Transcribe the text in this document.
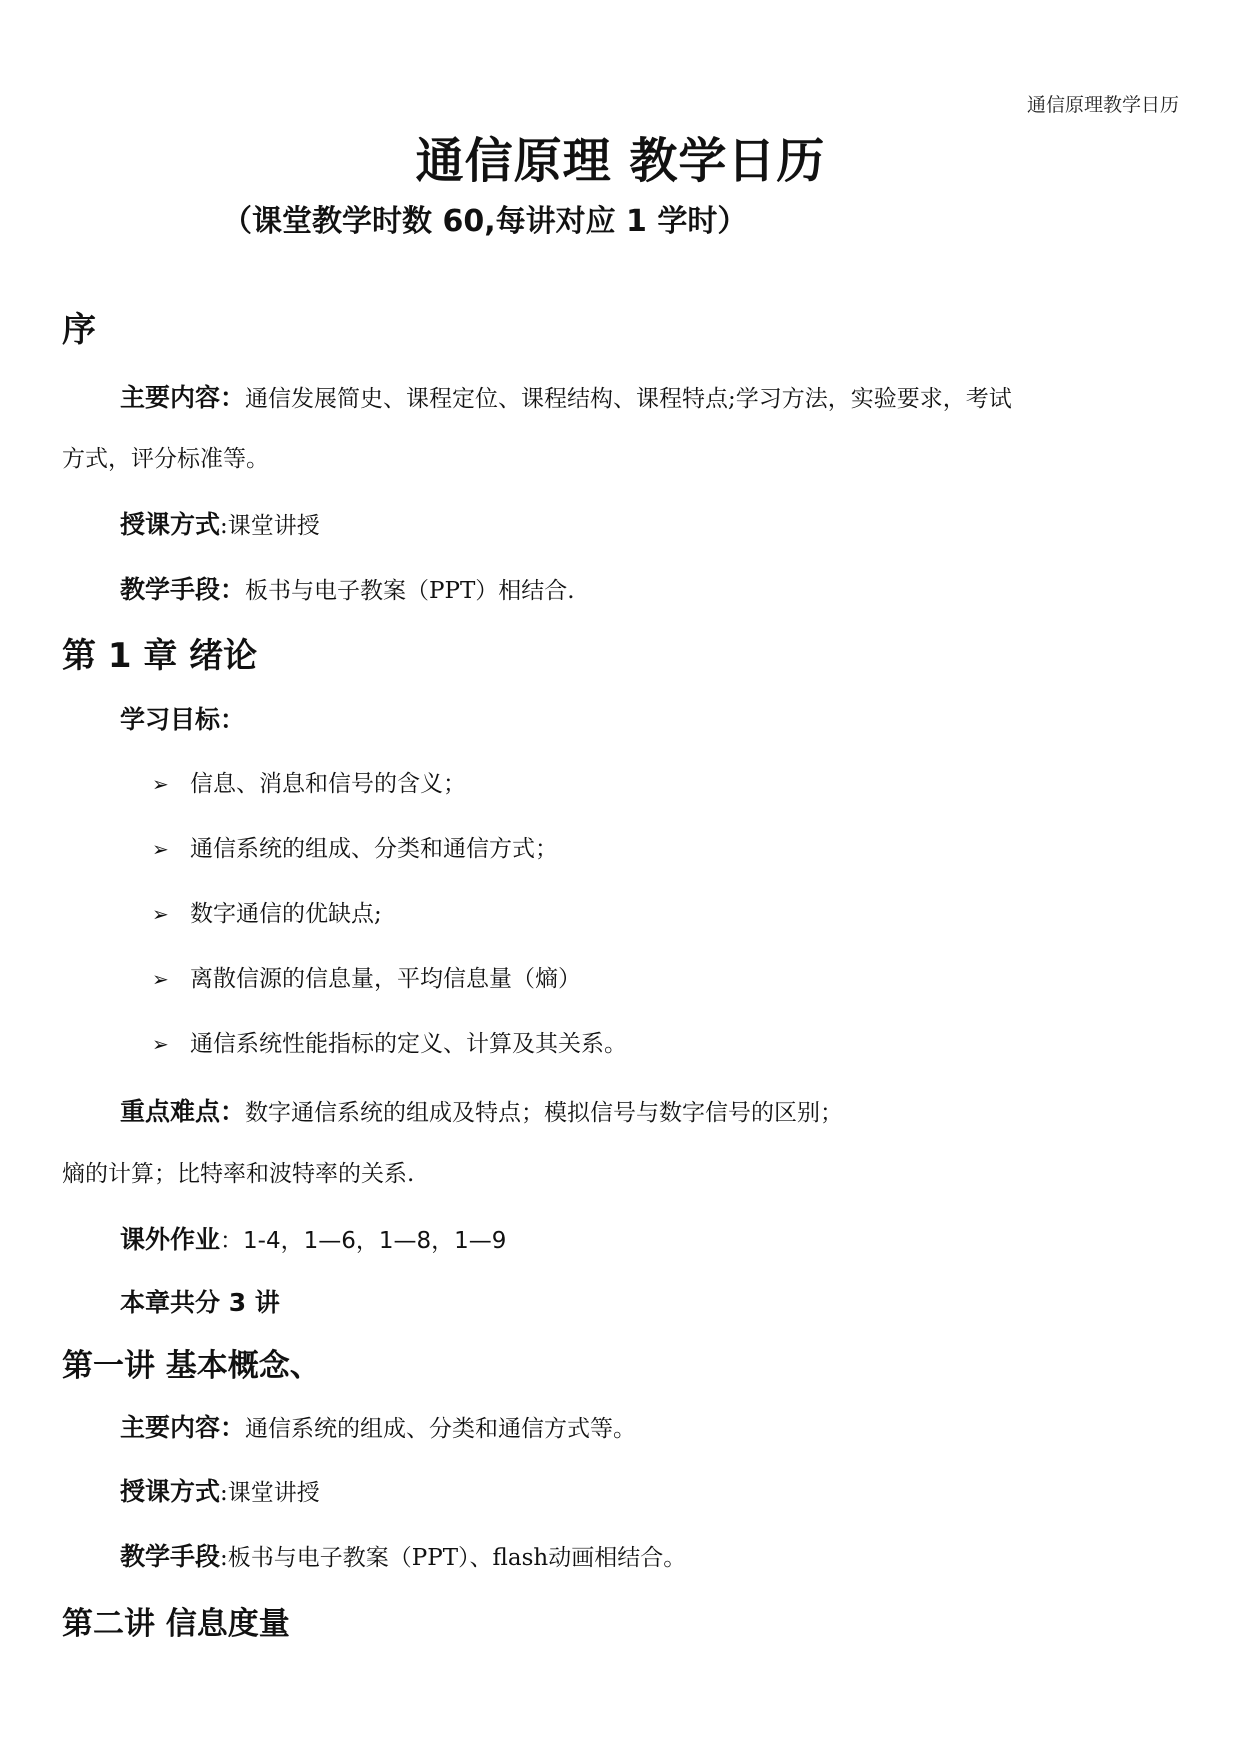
通信原理教学日历
通信原理 教学日历
（课堂教学时数 60,每讲对应 1 学时）
序
主要内容：通信发展简史、课程定位、课程结构、课程特点;学习方法，实验要求，考试
方式，评分标准等。
授课方式:课堂讲授
教学手段：板书与电子教案（PPT）相结合.
第 1 章 绪论
学习目标：
➢ 信息、消息和信号的含义；
➢ 通信系统的组成、分类和通信方式；
➢ 数字通信的优缺点;
➢ 离散信源的信息量，平均信息量（熵）
➢ 通信系统性能指标的定义、计算及其关系。
重点难点：数字通信系统的组成及特点；模拟信号与数字信号的区别；
熵的计算；比特率和波特率的关系.
课外作业：1-4，1—6，1—8，1—9
本章共分 3 讲
第一讲 基本概念、
主要内容：通信系统的组成、分类和通信方式等。
授课方式:课堂讲授
教学手段:板书与电子教案（PPT）、flash动画相结合。
第二讲 信息度量
